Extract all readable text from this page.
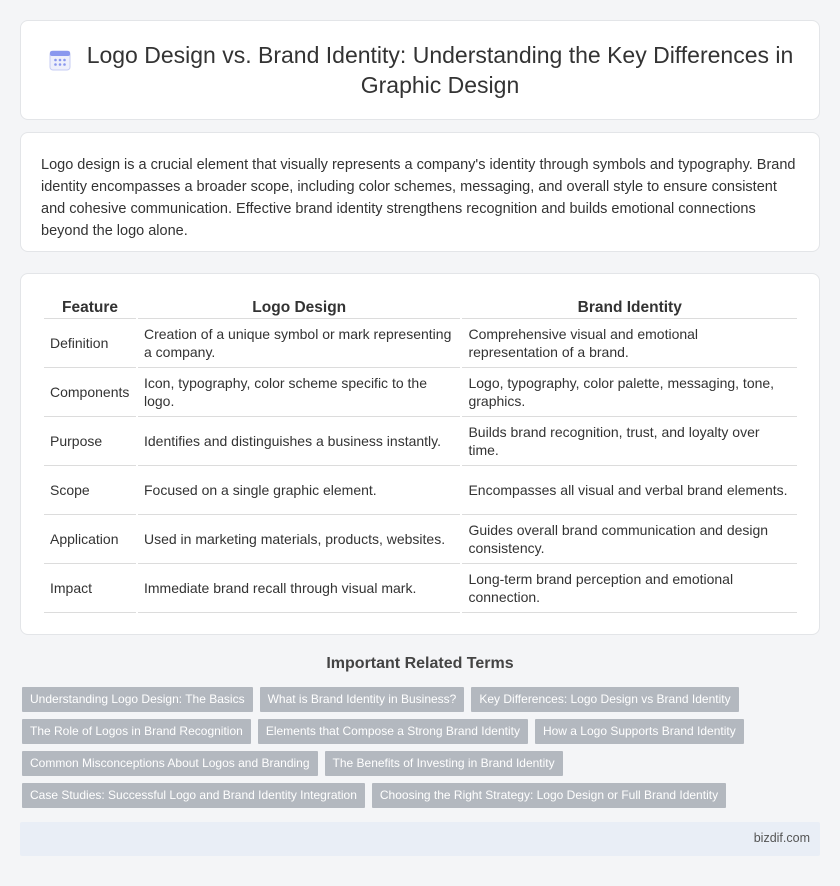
Logo Design vs. Brand Identity: Understanding the Key Differences in Graphic Design

Logo design is a crucial element that visually represents a company's identity through symbols and typography. Brand identity encompasses a broader scope, including color schemes, messaging, and overall style to ensure consistent and cohesive communication. Effective brand identity strengthens recognition and builds emotional connections beyond the logo alone.

Feature	Logo Design	Brand Identity
Definition	Creation of a unique symbol or mark representing a company.	Comprehensive visual and emotional representation of a brand.
Components	Icon, typography, color scheme specific to the logo.	Logo, typography, color palette, messaging, tone, graphics.
Purpose	Identifies and distinguishes a business instantly.	Builds brand recognition, trust, and loyalty over time.
Scope	Focused on a single graphic element.	Encompasses all visual and verbal brand elements.
Application	Used in marketing materials, products, websites.	Guides overall brand communication and design consistency.
Impact	Immediate brand recall through visual mark.	Long-term brand perception and emotional connection.
Important Related Terms
Understanding Logo Design: The Basics	What is Brand Identity in Business?	Key Differences: Logo Design vs Brand Identity
The Role of Logos in Brand Recognition	Elements that Compose a Strong Brand Identity	How a Logo Supports Brand Identity
Common Misconceptions About Logos and Branding	The Benefits of Investing in Brand Identity
Case Studies: Successful Logo and Brand Identity Integration	Choosing the Right Strategy: Logo Design or Full Brand Identity
bizdif.com
